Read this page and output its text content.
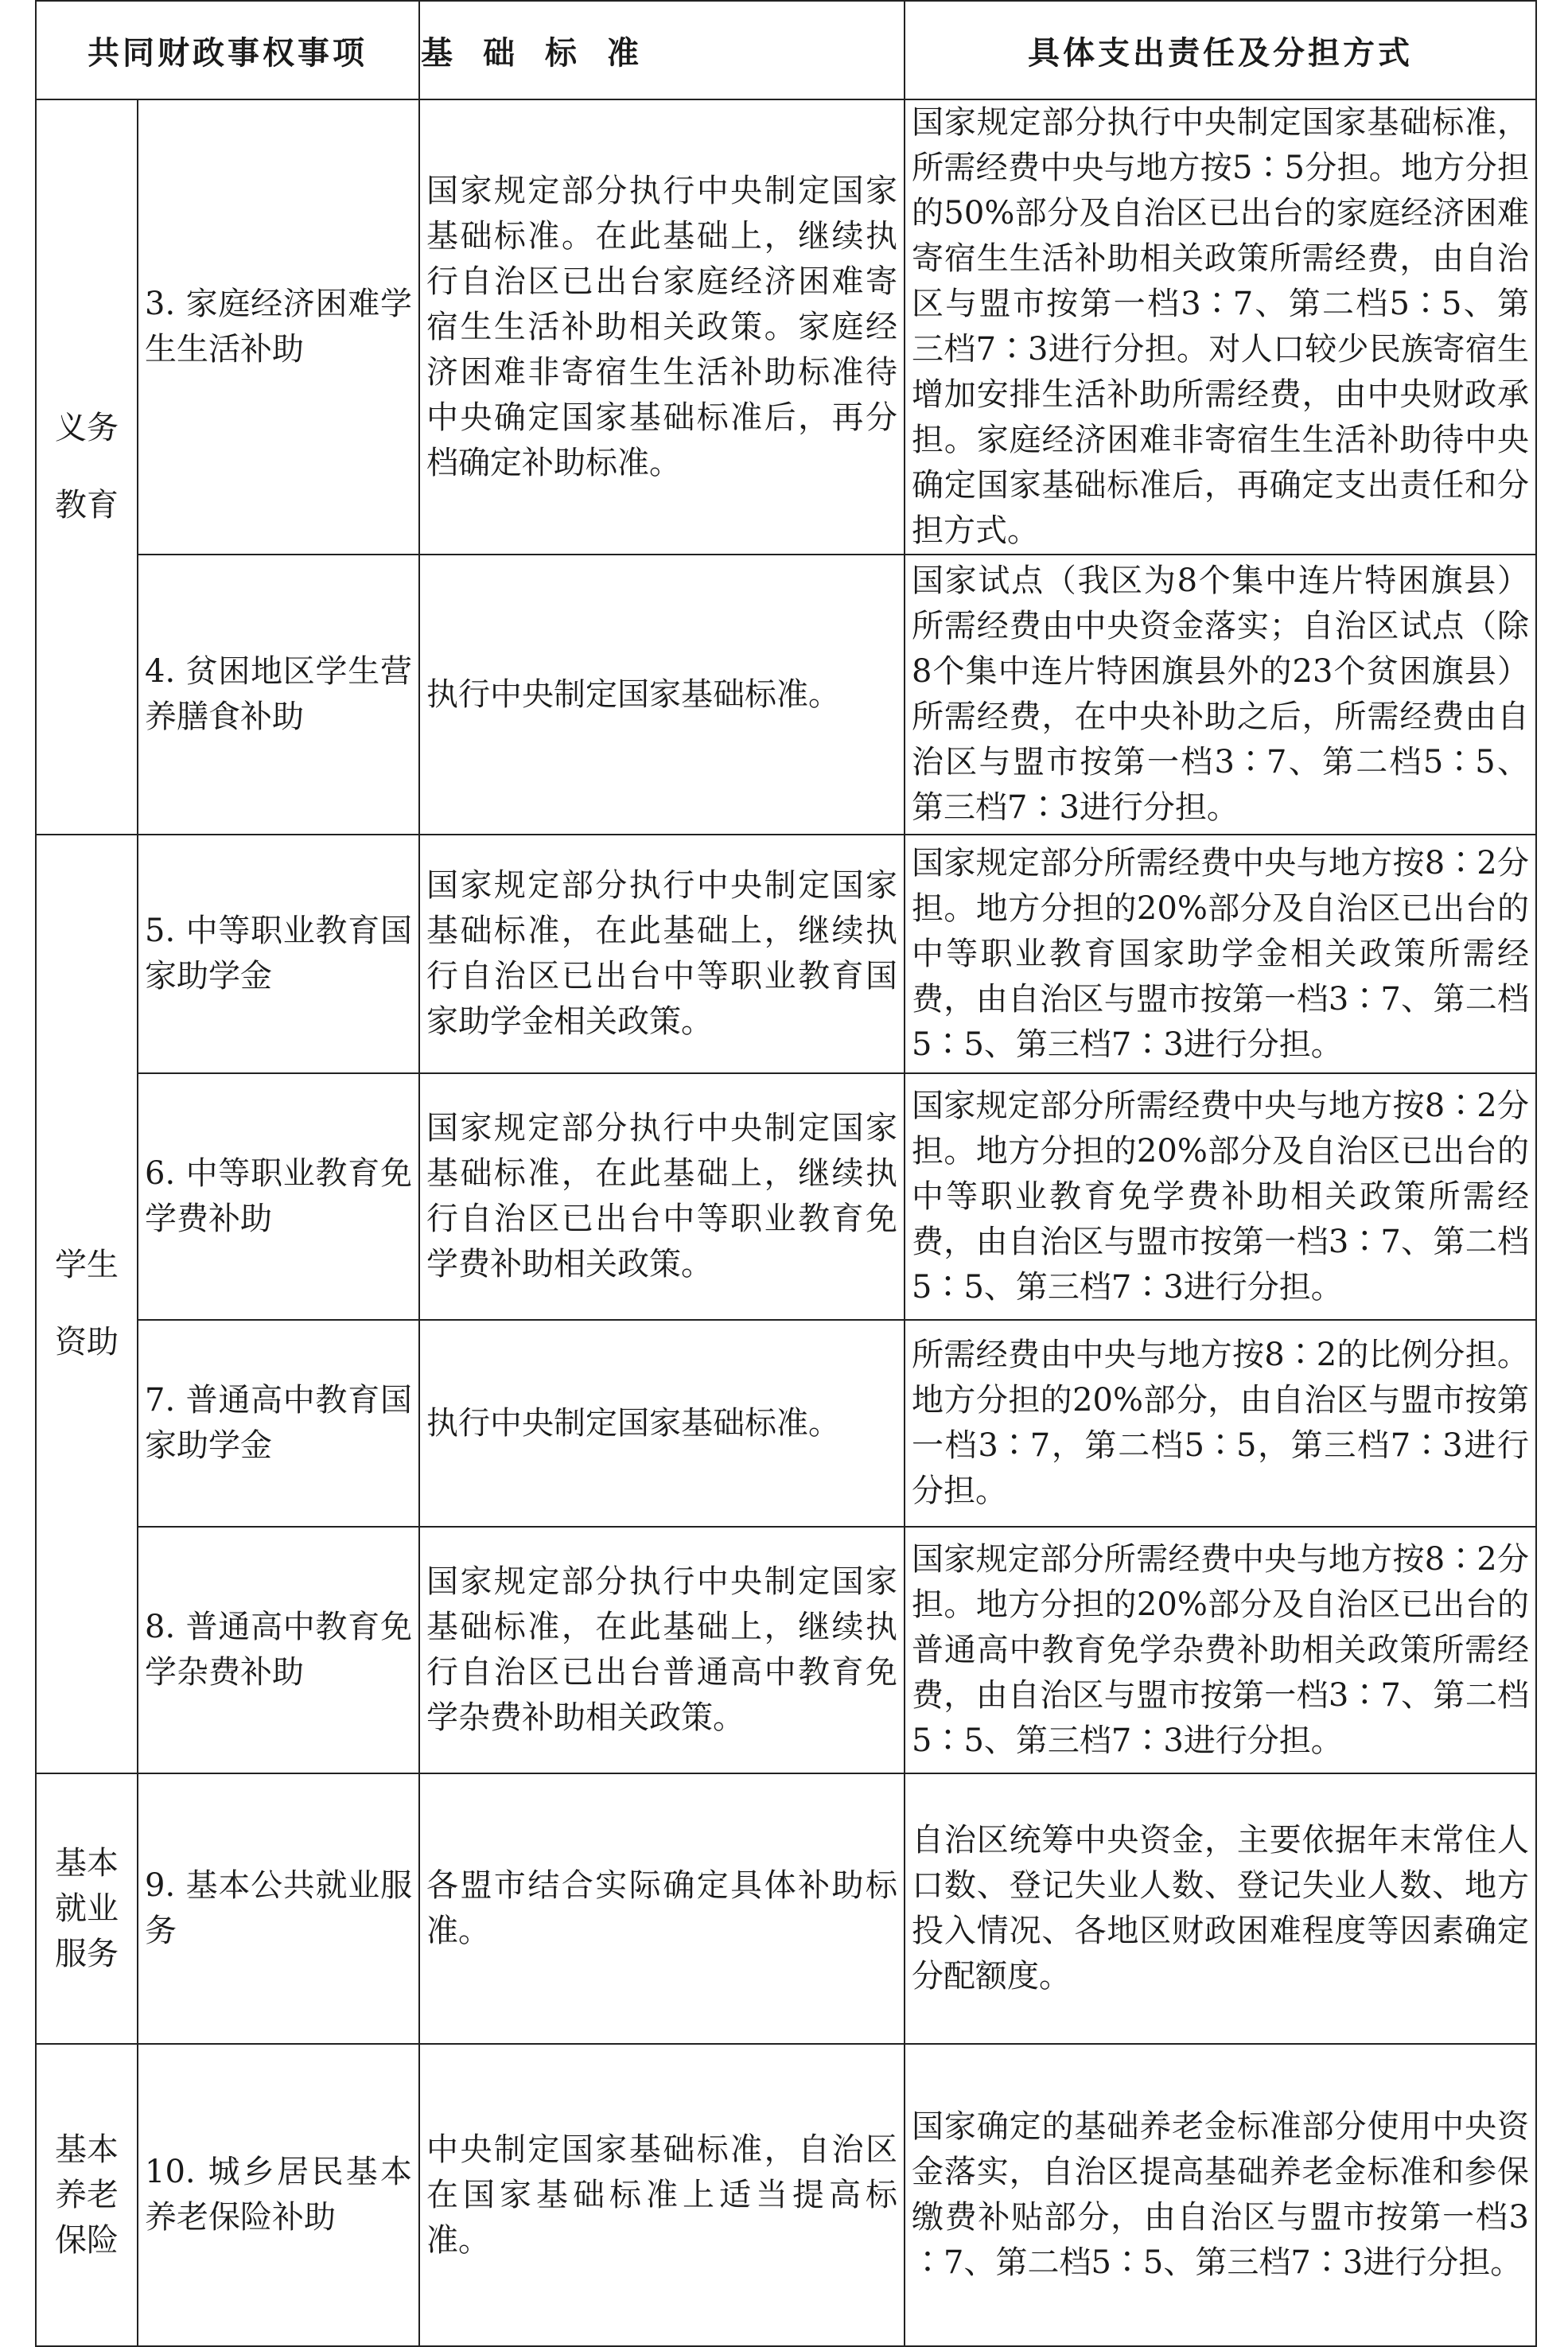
共同财政事权事项		基础标准	具体支出责任及分担方式

义务
教育	3. 家庭经济困难学生生活补助	国家规定部分执行中央制定国家基础标准。在此基础上，继续执行自治区已出台家庭经济困难寄宿生生活补助相关政策。家庭经济困难非寄宿生生活补助标准待中央确定国家基础标准后，再分档确定补助标准。	国家规定部分执行中央制定国家基础标准，所需经费中央与地方按5∶5分担。地方分担的50%部分及自治区已出台的家庭经济困难寄宿生生活补助相关政策所需经费，由自治区与盟市按第一档3∶7、第二档5∶5、第三档7∶3进行分担。对人口较少民族寄宿生增加安排生活补助所需经费，由中央财政承担。家庭经济困难非寄宿生生活补助待中央确定国家基础标准后，再确定支出责任和分担方式。
	4. 贫困地区学生营养膳食补助	执行中央制定国家基础标准。	国家试点（我区为8个集中连片特困旗县）所需经费由中央资金落实；自治区试点（除8个集中连片特困旗县外的23个贫困旗县）所需经费，在中央补助之后，所需经费由自治区与盟市按第一档3∶7、第二档5∶5、第三档7∶3进行分担。

学生
资助	5. 中等职业教育国家助学金	国家规定部分执行中央制定国家基础标准，在此基础上，继续执行自治区已出台中等职业教育国家助学金相关政策。	国家规定部分所需经费中央与地方按8∶2分担。地方分担的20%部分及自治区已出台的中等职业教育国家助学金相关政策所需经费，由自治区与盟市按第一档3∶7、第二档5∶5、第三档7∶3进行分担。
	6. 中等职业教育免学费补助	国家规定部分执行中央制定国家基础标准，在此基础上，继续执行自治区已出台中等职业教育免学费补助相关政策。	国家规定部分所需经费中央与地方按8∶2分担。地方分担的20%部分及自治区已出台的中等职业教育免学费补助相关政策所需经费，由自治区与盟市按第一档3∶7、第二档5∶5、第三档7∶3进行分担。
	7. 普通高中教育国家助学金	执行中央制定国家基础标准。	所需经费由中央与地方按8∶2的比例分担。地方分担的20%部分，由自治区与盟市按第一档3∶7，第二档5∶5，第三档7∶3进行分担。
	8. 普通高中教育免学杂费补助	国家规定部分执行中央制定国家基础标准，在此基础上，继续执行自治区已出台普通高中教育免学杂费补助相关政策。	国家规定部分所需经费中央与地方按8∶2分担。地方分担的20%部分及自治区已出台的普通高中教育免学杂费补助相关政策所需经费，由自治区与盟市按第一档3∶7、第二档5∶5、第三档7∶3进行分担。

基本
就业
服务	9. 基本公共就业服务	各盟市结合实际确定具体补助标准。	自治区统筹中央资金，主要依据年末常住人口数、登记失业人数、登记失业人数、地方投入情况、各地区财政困难程度等因素确定分配额度。

基本
养老
保险	10. 城乡居民基本养老保险补助	中央制定国家基础标准，自治区在国家基础标准上适当提高标准。	国家确定的基础养老金标准部分使用中央资金落实，自治区提高基础养老金标准和参保缴费补贴部分，由自治区与盟市按第一档3∶7、第二档5∶5、第三档7∶3进行分担。
